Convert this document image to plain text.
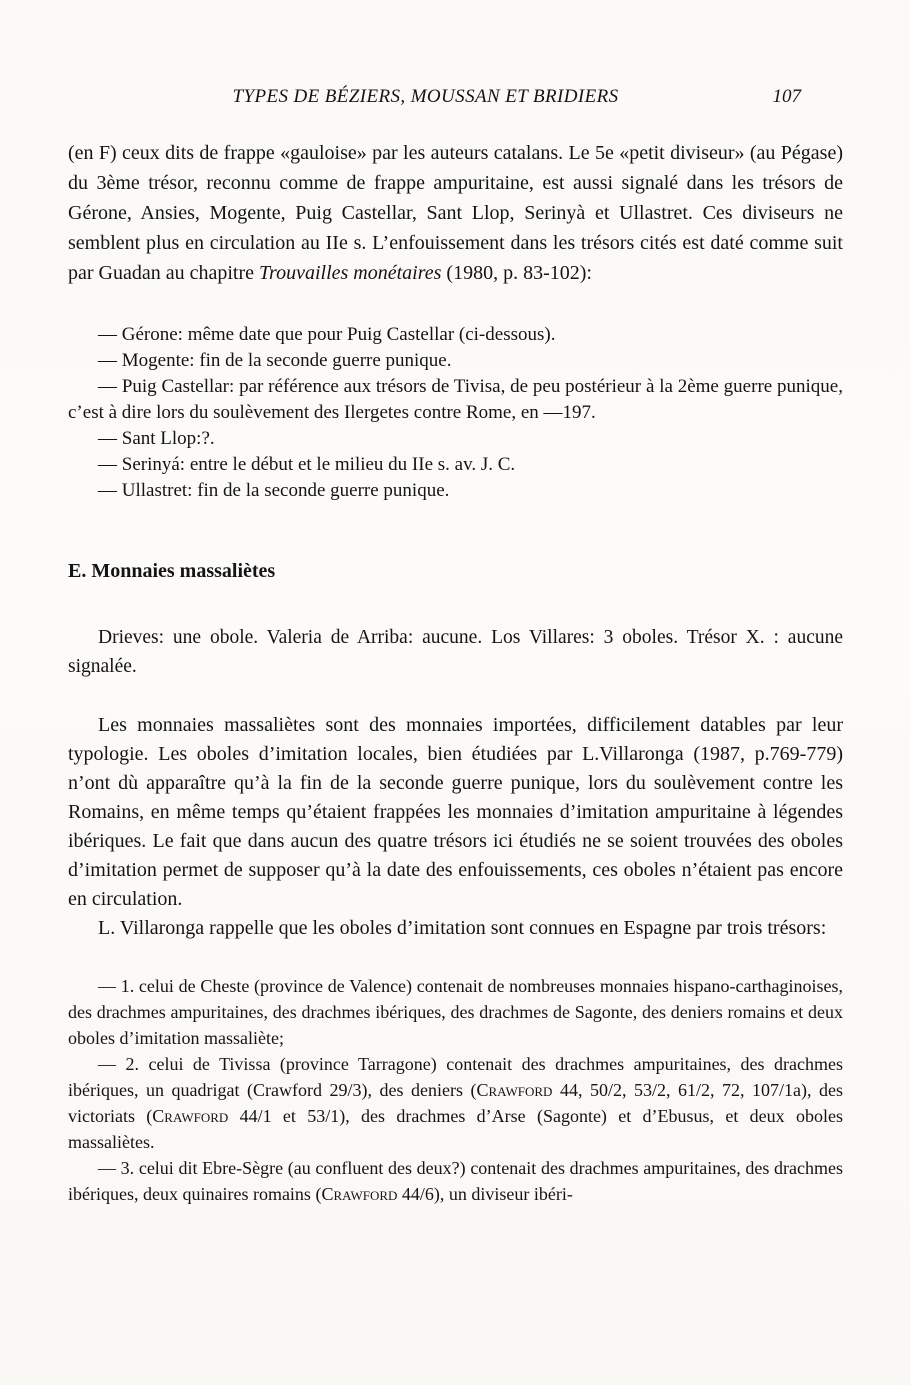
TYPES DE BÉZIERS, MOUSSAN ET BRIDIERS	107

(en F) ceux dits de frappe «gauloise» par les auteurs catalans. Le 5e «petit diviseur» (au Pégase) du 3ème trésor, reconnu comme de frappe ampuritaine, est aussi signalé dans les trésors de Gérone, Ansies, Mogente, Puig Castellar, Sant Llop, Serinyà et Ullastret. Ces diviseurs ne semblent plus en circulation au IIe s. L’enfouissement dans les trésors cités est daté comme suit par Guadan au chapitre Trouvailles monétaires (1980, p. 83-102):

— Gérone: même date que pour Puig Castellar (ci-dessous).

— Mogente: fin de la seconde guerre punique.

— Puig Castellar: par référence aux trésors de Tivisa, de peu postérieur à la 2ème guerre punique, c’est à dire lors du soulèvement des Ilergetes contre Rome, en —197.

— Sant Llop:?.

— Serinyá: entre le début et le milieu du IIe s. av. J. C.

— Ullastret: fin de la seconde guerre punique.

E. Monnaies massaliètes

Drieves: une obole. Valeria de Arriba: aucune. Los Villares: 3 oboles. Trésor X. : aucune signalée.

Les monnaies massaliètes sont des monnaies importées, difficilement datables par leur typologie. Les oboles d’imitation locales, bien étudiées par L.Villaronga (1987, p.769-779) n’ont dù apparaître qu’à la fin de la seconde guerre punique, lors du soulèvement contre les Romains, en même temps qu’étaient frappées les monnaies d’imitation ampuritaine à légendes ibériques. Le fait que dans aucun des quatre trésors ici étudiés ne se soient trouvées des oboles d’imitation permet de supposer qu’à la date des enfouissements, ces oboles n’étaient pas encore en circulation.

L. Villaronga rappelle que les oboles d’imitation sont connues en Espagne par trois trésors:

— 1. celui de Cheste (province de Valence) contenait de nombreuses monnaies hispano-carthaginoises, des drachmes ampuritaines, des drachmes ibériques, des drachmes de Sagonte, des deniers romains et deux oboles d’imitation massaliète;

— 2. celui de Tivissa (province Tarragone) contenait des drachmes ampuritaines, des drachmes ibériques, un quadrigat (Crawford 29/3), des deniers (Crawford 44, 50/2, 53/2, 61/2, 72, 107/1a), des victoriats (Crawford 44/1 et 53/1), des drachmes d’Arse (Sagonte) et d’Ebusus, et deux oboles massaliètes.

— 3. celui dit Ebre-Sègre (au confluent des deux?) contenait des drachmes ampuritaines, des drachmes ibériques, deux quinaires romains (Crawford 44/6), un diviseur ibéri-
